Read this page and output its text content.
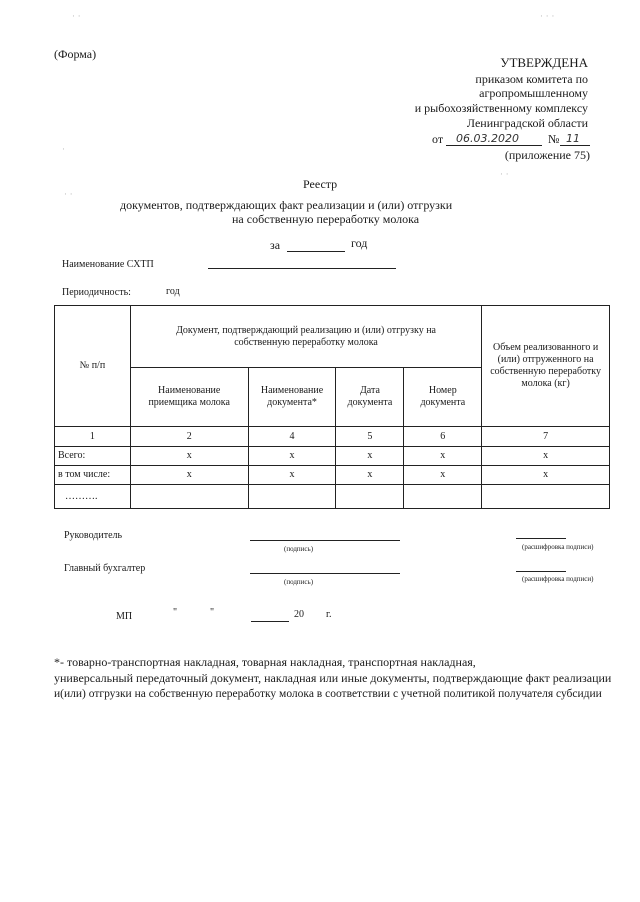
· ·	· · ·
·
· ·
· ·
(Форма)
УТВЕРЖДЕНА
приказом комитета по
агропромышленному
и рыбохозяйственному комплексу
Ленинградской области
от 06.03.2020 № 11
(приложение 75)
Реестр
документов, подтверждающих факт реализации и (или) отгрузки
на собственную переработку молока
за	год
Наименование СХТП
Периодичность:	год
№ п/п	Документ, подтверждающий реализацию и (или) отгрузку на собственную переработку молока				Объем реализованного и (или) отгруженного на собственную переработку молока (кг)
	Наименование приемщика молока	Наименование документа*	Дата документа	Номер документа	
1	2	4	5	6	7
Всего:	x	x	x	x	x
в том числе:	x	x	x	x	x
……….					
Руководитель
(подпись)	(расшифровка подписи)
Главный бухгалтер
(подпись)	(расшифровка подписи)
МП	"	"	20 г.
*- товарно-транспортная накладная, товарная накладная, транспортная накладная,
универсальный передаточный документ, накладная или иные документы, подтверждающие факт реализации
и(или) отгрузки на собственную переработку молока в соответствии с учетной политикой получателя субсидии
